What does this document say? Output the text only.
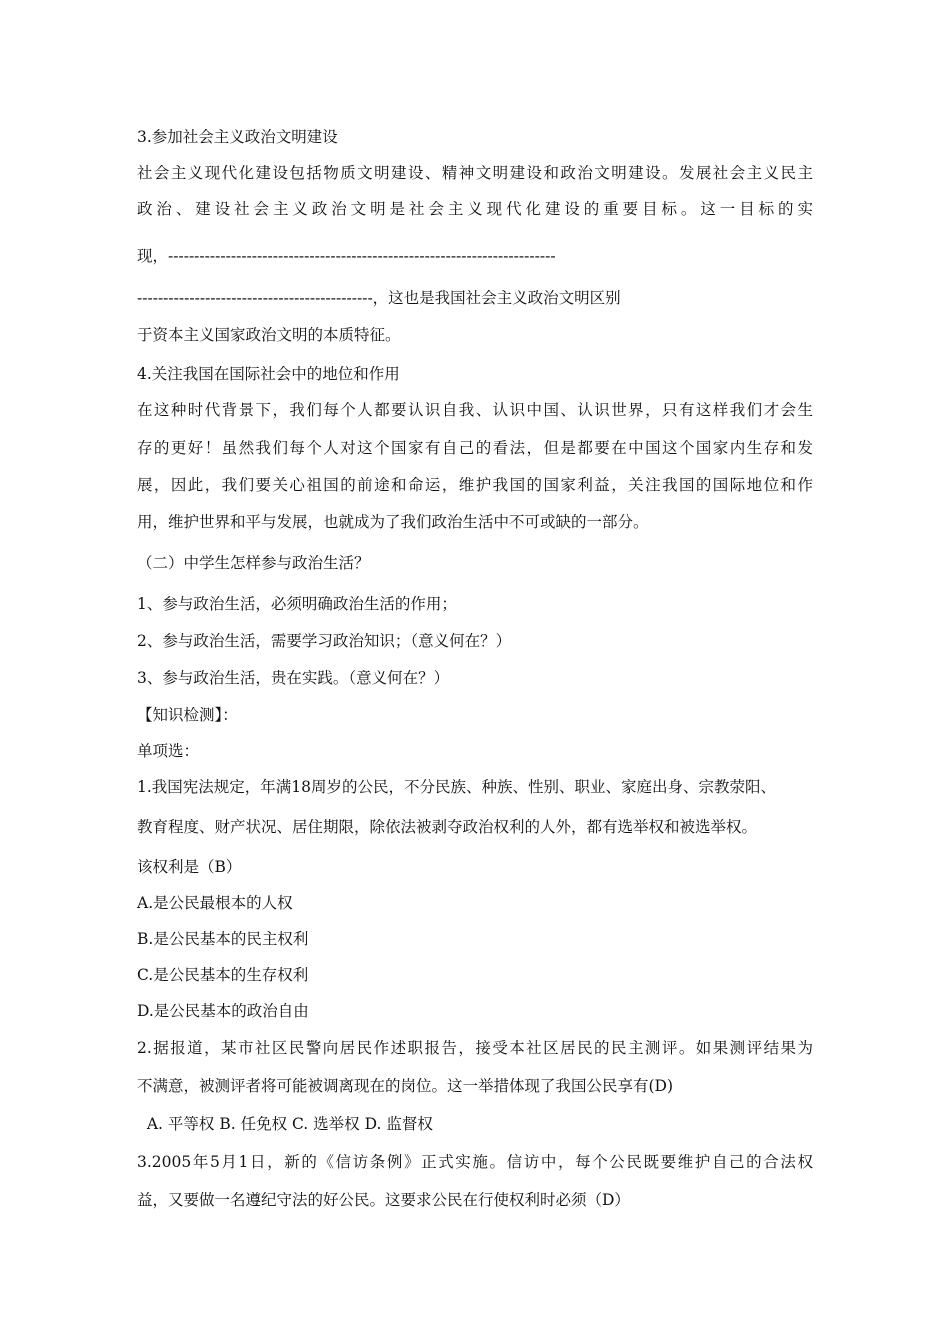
3.参加社会主义政治文明建设
社会主义现代化建设包括物质文明建设、精神文明建设和政治文明建设。发展社会主义民主
政治、建设社会主义政治文明是社会主义现代化建设的重要目标。这一目标的实
现，--------------------------------------------------------------------------
---------------------------------------------，这也是我国社会主义政治文明区别
于资本主义国家政治文明的本质特征。
4.关注我国在国际社会中的地位和作用
在这种时代背景下，我们每个人都要认识自我、认识中国、认识世界，只有这样我们才会生
存的更好！虽然我们每个人对这个国家有自己的看法，但是都要在中国这个国家内生存和发
展，因此，我们要关心祖国的前途和命运，维护我国的国家利益，关注我国的国际地位和作
用，维护世界和平与发展，也就成为了我们政治生活中不可或缺的一部分。
（二）中学生怎样参与政治生活？
1、参与政治生活，必须明确政治生活的作用；
2、参与政治生活，需要学习政治知识；（意义何在？）
3、参与政治生活，贵在实践。（意义何在？）
【知识检测】：
单项选：
1.我国宪法规定，年满18周岁的公民，不分民族、种族、性别、职业、家庭出身、宗教荥阳、
教育程度、财产状况、居住期限，除依法被剥夺政治权利的人外，都有选举权和被选举权。
该权利是（B）
A.是公民最根本的人权
B.是公民基本的民主权利
C.是公民基本的生存权利
D.是公民基本的政治自由
2.据报道，某市社区民警向居民作述职报告，接受本社区居民的民主测评。如果测评结果为
不满意，被测评者将可能被调离现在的岗位。这一举措体现了我国公民享有(D)
A. 平等权 B. 任免权 C. 选举权 D. 监督权
3.2005年5月1日，新的《信访条例》正式实施。信访中，每个公民既要维护自己的合法权
益，又要做一名遵纪守法的好公民。这要求公民在行使权利时必须（D）
